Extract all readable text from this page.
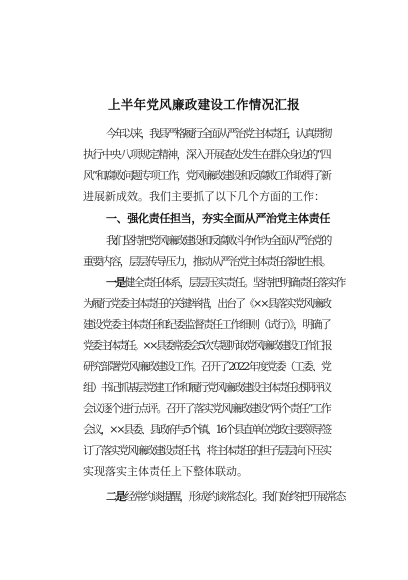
上半年党风廉政建设工作情况汇报
今年以来，我县严格履行全面从严治党主体责任，认真贯彻
执行中央八项规定精神，深入开展查处发生在群众身边的“四
风”和腐败问题专项工作，党风廉政建设和反腐败工作取得了新
进展新成效。我们主要抓了以下几个方面的工作：
一、强化责任担当，夯实全面从严治党主体责任
我们坚持把党风廉政建设和反腐败斗争作为全面从严治党的
重要内容，层层传导压力，推动从严治党主体责任落地生根。
一是健全责任体系，层层压实责任。坚持把明确责任落实作
为履行党委主体责任的关键举措，出台了《××县落实党风廉政
建设党委主体责任和纪委监督责任工作细则（试行）》，明确了
党委主体责任。××县委常委会5次专题听取党风廉政建设工作汇报
研究部署党风廉政建设工作。召开了2022年度党委（工委、党
组）书记抓基层党建工作和履行党风廉政建设主体责任述职评议
会议逐个进行点评。召开了落实党风廉政建设“两个责任”工作
会议，××县委、县政府与5个镇、16个县直单位党政主要领导签
订了落实党风廉政建设责任书，将主体责任的担子层层向下压实
实现落实主体责任上下整体联动。
二是经常约谈提醒，形成约谈常态化。我们始终把开展常态
